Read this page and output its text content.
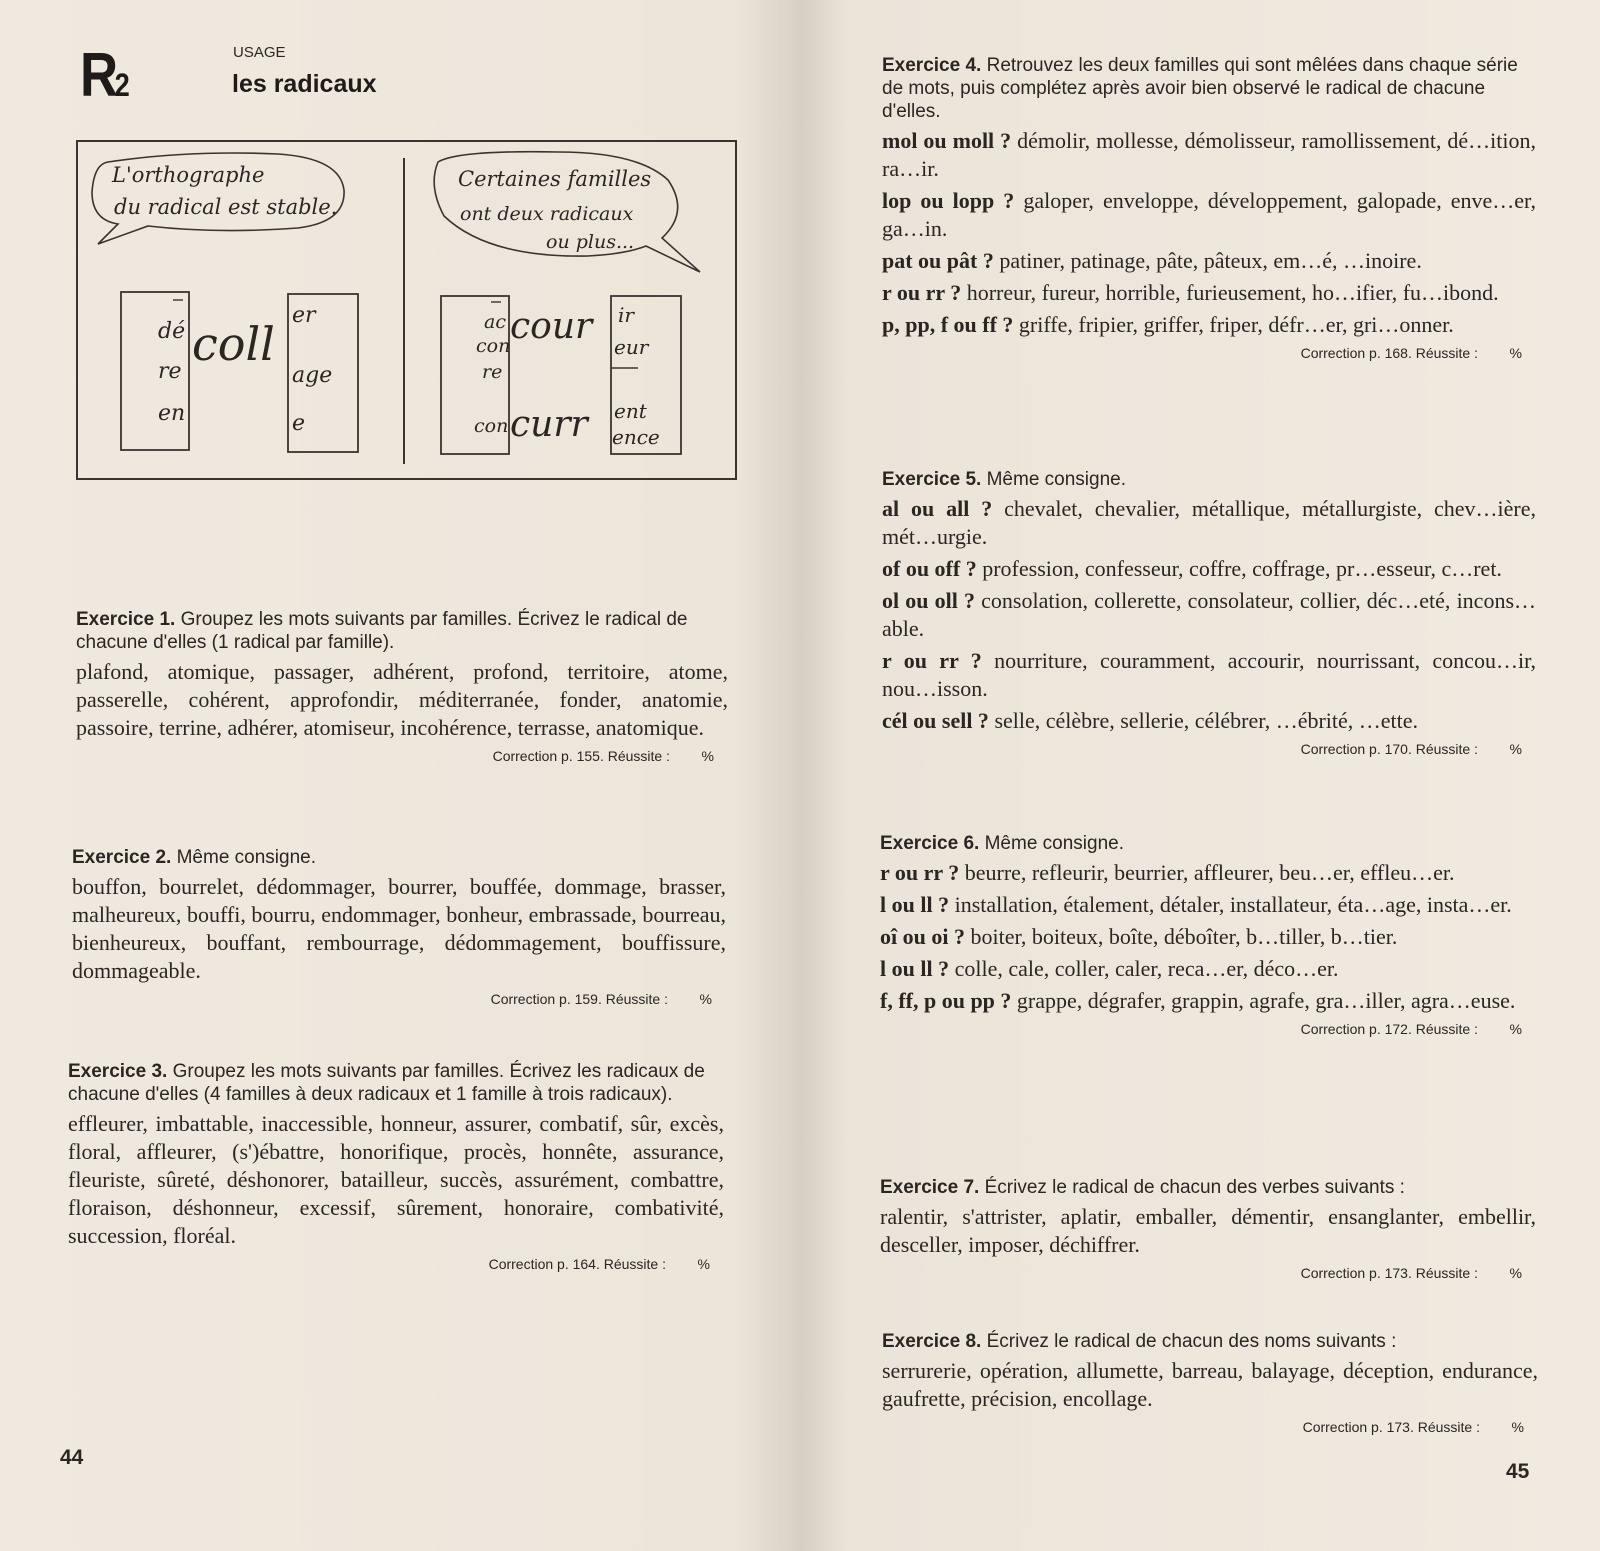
R2
USAGE
les radicaux
L'orthographe
du radical est stable.
Certaines familles
ont deux radicaux
ou plus...
dé
re
en
coll
er
age
e
ac
con
re
con
cour
curr
ir
eur
ent
ence
Exercice 1. Groupez les mots suivants par familles. Écrivez le radical de chacune d'elles (1 radical par famille).
plafond, atomique, passager, adhérent, profond, territoire, atome, passerelle, cohérent, approfondir, méditerranée, fonder, anatomie, passoire, terrine, adhérer, atomiseur, incohérence, terrasse, anatomique.
Correction p. 155. Réussite : %
Exercice 2. Même consigne.
bouffon, bourrelet, dédommager, bourrer, bouffée, dommage, brasser, malheureux, bouffi, bourru, endommager, bonheur, embrassade, bourreau, bienheureux, bouffant, rembourrage, dédommagement, bouffissure, dommageable.
Correction p. 159. Réussite : %
Exercice 3. Groupez les mots suivants par familles. Écrivez les radicaux de chacune d'elles (4 familles à deux radicaux et 1 famille à trois radicaux).
effleurer, imbattable, inaccessible, honneur, assurer, combatif, sûr, excès, floral, affleurer, (s')ébattre, honorifique, procès, honnête, assurance, fleuriste, sûreté, déshonorer, batailleur, succès, assurément, combattre, floraison, déshonneur, excessif, sûrement, honoraire, combativité, succession, floréal.
Correction p. 164. Réussite : %
44
Exercice 4. Retrouvez les deux familles qui sont mêlées dans chaque série de mots, puis complétez après avoir bien observé le radical de chacune d'elles.
mol ou moll ? démolir, mollesse, démolisseur, ramollissement, dé…ition, ra…ir.
lop ou lopp ? galoper, enveloppe, développement, galopade, enve…er, ga…in.
pat ou pât ? patiner, patinage, pâte, pâteux, em…é, …inoire.
r ou rr ? horreur, fureur, horrible, furieusement, ho…ifier, fu…ibond.
p, pp, f ou ff ? griffe, fripier, griffer, friper, défr…er, gri…onner.
Correction p. 168. Réussite : %
Exercice 5. Même consigne.
al ou all ? chevalet, chevalier, métallique, métallurgiste, chev…ière, mét…urgie.
of ou off ? profession, confesseur, coffre, coffrage, pr…esseur, c…ret.
ol ou oll ? consolation, collerette, consolateur, collier, déc…eté, incons…able.
r ou rr ? nourriture, couramment, accourir, nourrissant, concou…ir, nou…isson.
cél ou sell ? selle, célèbre, sellerie, célébrer, …ébrité, …ette.
Correction p. 170. Réussite : %
Exercice 6. Même consigne.
r ou rr ? beurre, refleurir, beurrier, affleurer, beu…er, effleu…er.
l ou ll ? installation, étalement, détaler, installateur, éta…age, insta…er.
oî ou oi ? boiter, boiteux, boîte, déboîter, b…tiller, b…tier.
l ou ll ? colle, cale, coller, caler, reca…er, déco…er.
f, ff, p ou pp ? grappe, dégrafer, grappin, agrafe, gra…iller, agra…euse.
Correction p. 172. Réussite : %
Exercice 7. Écrivez le radical de chacun des verbes suivants :
ralentir, s'attrister, aplatir, emballer, démentir, ensanglanter, embellir, desceller, imposer, déchiffrer.
Correction p. 173. Réussite : %
Exercice 8. Écrivez le radical de chacun des noms suivants :
serrurerie, opération, allumette, barreau, balayage, déception, endurance, gaufrette, précision, encollage.
Correction p. 173. Réussite : %
45
